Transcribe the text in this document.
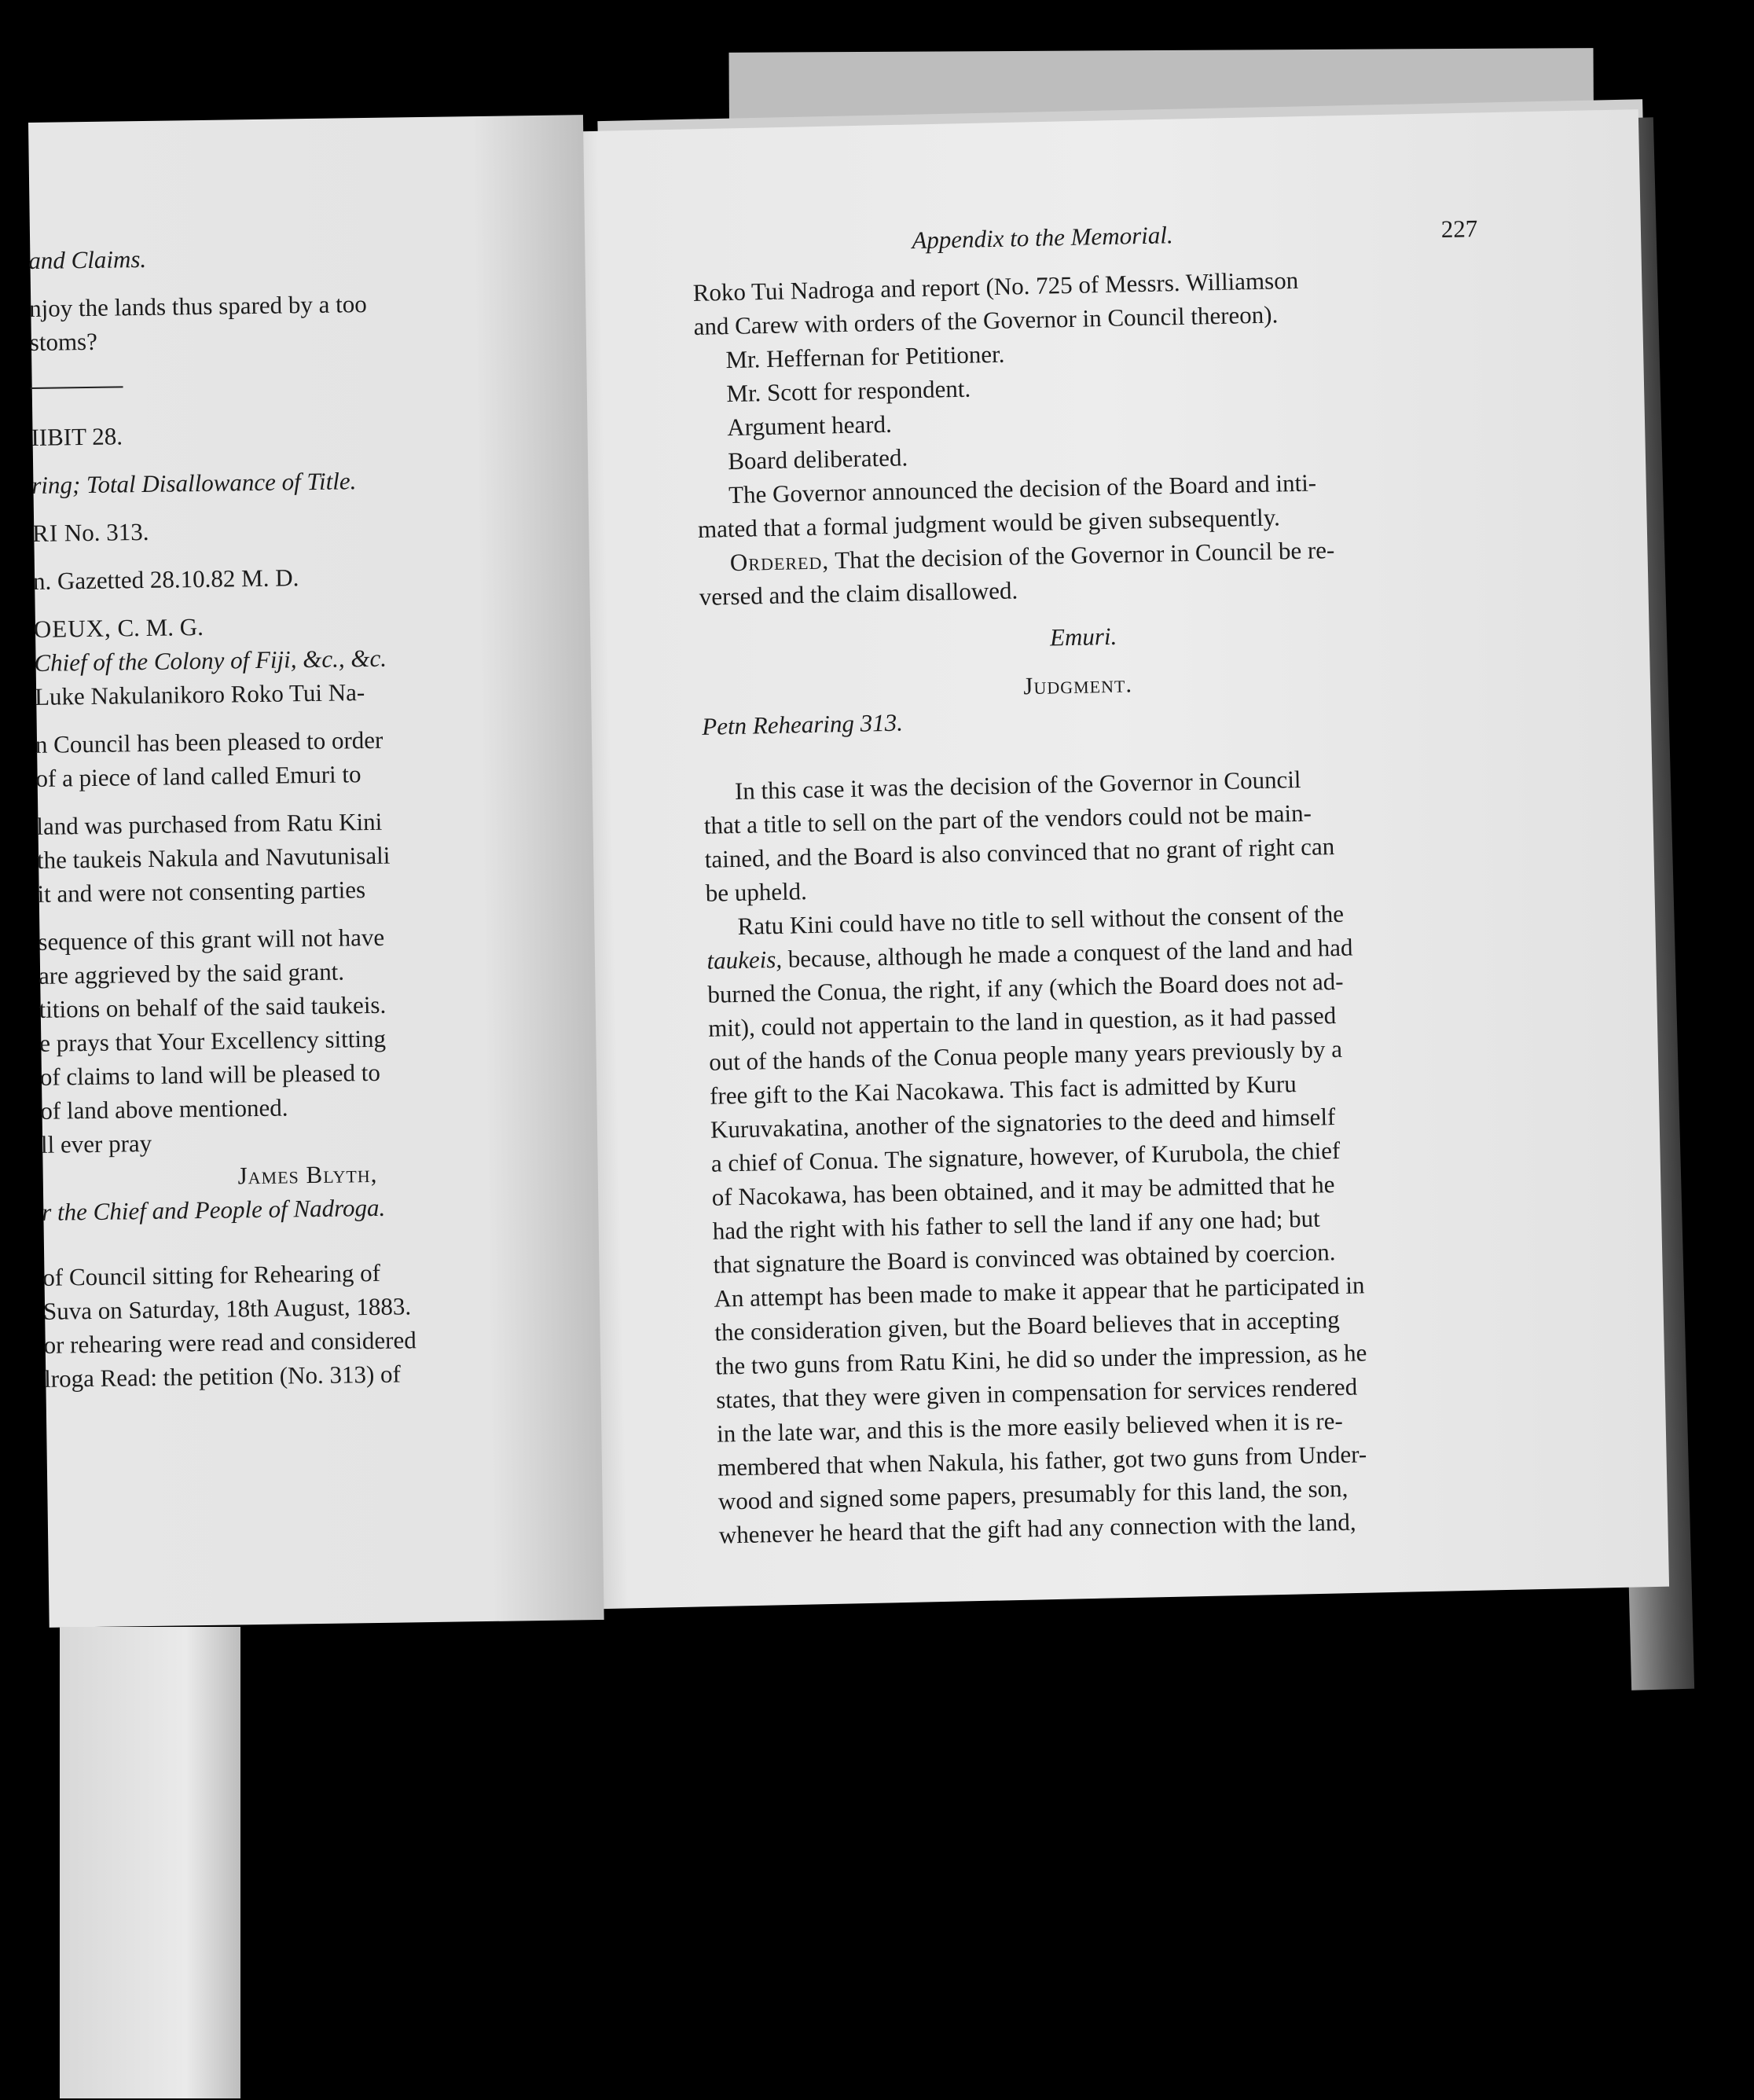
and Claims.
njoy the lands thus spared by a too
stoms?
IIBIT 28.
ring; Total Disallowance of Title.
RI No. 313.
n. Gazetted 28.10.82 M. D.
OEUX, C. M. G.
Chief of the Colony of Fiji, &c., &c.
Luke Nakulanikoro Roko Tui Na-
n Council has been pleased to order
of a piece of land called Emuri to
land was purchased from Ratu Kini
the taukeis Nakula and Navutunisali
it and were not consenting parties
sequence of this grant will not have
are aggrieved by the said grant.
titions on behalf of the said taukeis.
e prays that Your Excellency sitting
of claims to land will be pleased to
of land above mentioned.
ll ever pray
James Blyth,
r the Chief and People of Nadroga.
of Council sitting for Rehearing of
Suva on Saturday, 18th August, 1883.
or rehearing were read and considered
lroga Read: the petition (No. 313) of
Appendix to the Memorial.	227
Roko Tui Nadroga and report (No. 725 of Messrs. Williamson
and Carew with orders of the Governor in Council thereon).
Mr. Heffernan for Petitioner.
Mr. Scott for respondent.
Argument heard.
Board deliberated.
The Governor announced the decision of the Board and inti-
mated that a formal judgment would be given subsequently.
Ordered, That the decision of the Governor in Council be re-
versed and the claim disallowed.
Emuri.
Judgment.
Petn Rehearing 313.
In this case it was the decision of the Governor in Council
that a title to sell on the part of the vendors could not be main-
tained, and the Board is also convinced that no grant of right can
be upheld.
Ratu Kini could have no title to sell without the consent of the
taukeis, because, although he made a conquest of the land and had
burned the Conua, the right, if any (which the Board does not ad-
mit), could not appertain to the land in question, as it had passed
out of the hands of the Conua people many years previously by a
free gift to the Kai Nacokawa. This fact is admitted by Kuru
Kuruvakatina, another of the signatories to the deed and himself
a chief of Conua. The signature, however, of Kurubola, the chief
of Nacokawa, has been obtained, and it may be admitted that he
had the right with his father to sell the land if any one had; but
that signature the Board is convinced was obtained by coercion.
An attempt has been made to make it appear that he participated in
the consideration given, but the Board believes that in accepting
the two guns from Ratu Kini, he did so under the impression, as he
states, that they were given in compensation for services rendered
in the late war, and this is the more easily believed when it is re-
membered that when Nakula, his father, got two guns from Under-
wood and signed some papers, presumably for this land, the son,
whenever he heard that the gift had any connection with the land,
